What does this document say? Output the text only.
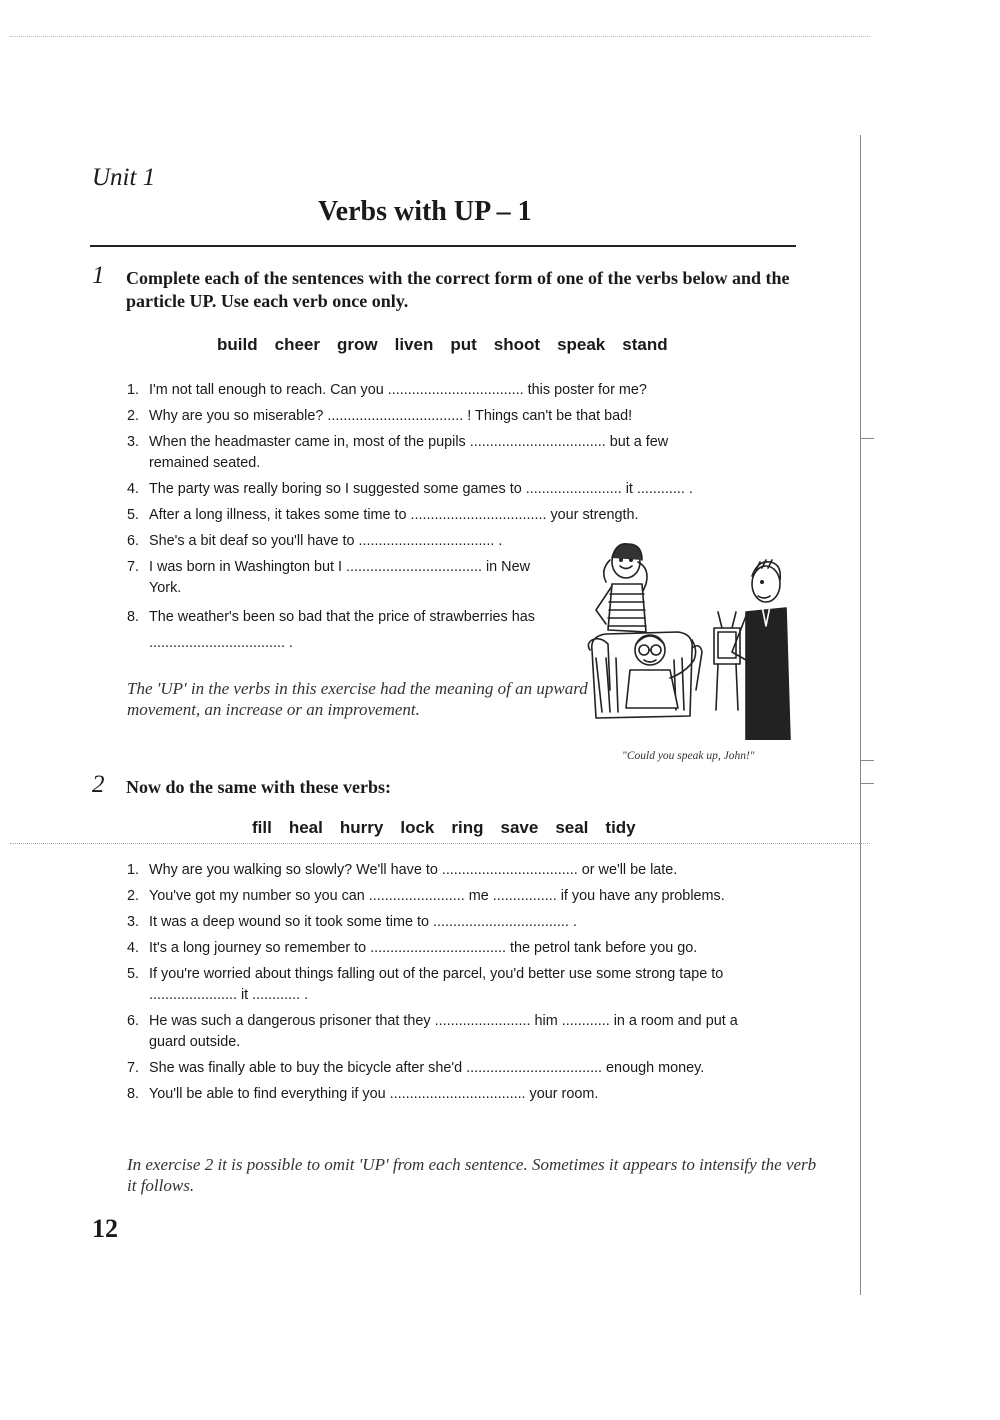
Unit 1
Verbs with UP – 1
1 Complete each of the sentences with the correct form of one of the verbs below and the particle UP. Use each verb once only.
build cheer grow liven put shoot speak stand
1. I'm not tall enough to reach. Can you .................................. this poster for me?
2. Why are you so miserable? .................................. ! Things can't be that bad!
3. When the headmaster came in, most of the pupils .................................. but a few remained seated.
4. The party was really boring so I suggested some games to ........................ it ............ .
5. After a long illness, it takes some time to .................................. your strength.
6. She's a bit deaf so you'll have to .................................. .
7. I was born in Washington but I .................................. in New York.
8. The weather's been so bad that the price of strawberries has .................................. .
The 'UP' in the verbs in this exercise had the meaning of an upward movement, an increase or an improvement.
"Could you speak up, John!"
2 Now do the same with these verbs:
fill heal hurry lock ring save seal tidy
1. Why are you walking so slowly? We'll have to .................................. or we'll be late.
2. You've got my number so you can ........................ me ................ if you have any problems.
3. It was a deep wound so it took some time to .................................. .
4. It's a long journey so remember to .................................. the petrol tank before you go.
5. If you're worried about things falling out of the parcel, you'd better use some strong tape to ...................... it ............ .
6. He was such a dangerous prisoner that they ........................ him ............ in a room and put a guard outside.
7. She was finally able to buy the bicycle after she'd .................................. enough money.
8. You'll be able to find everything if you .................................. your room.
In exercise 2 it is possible to omit 'UP' from each sentence. Sometimes it appears to intensify the verb it follows.
12
